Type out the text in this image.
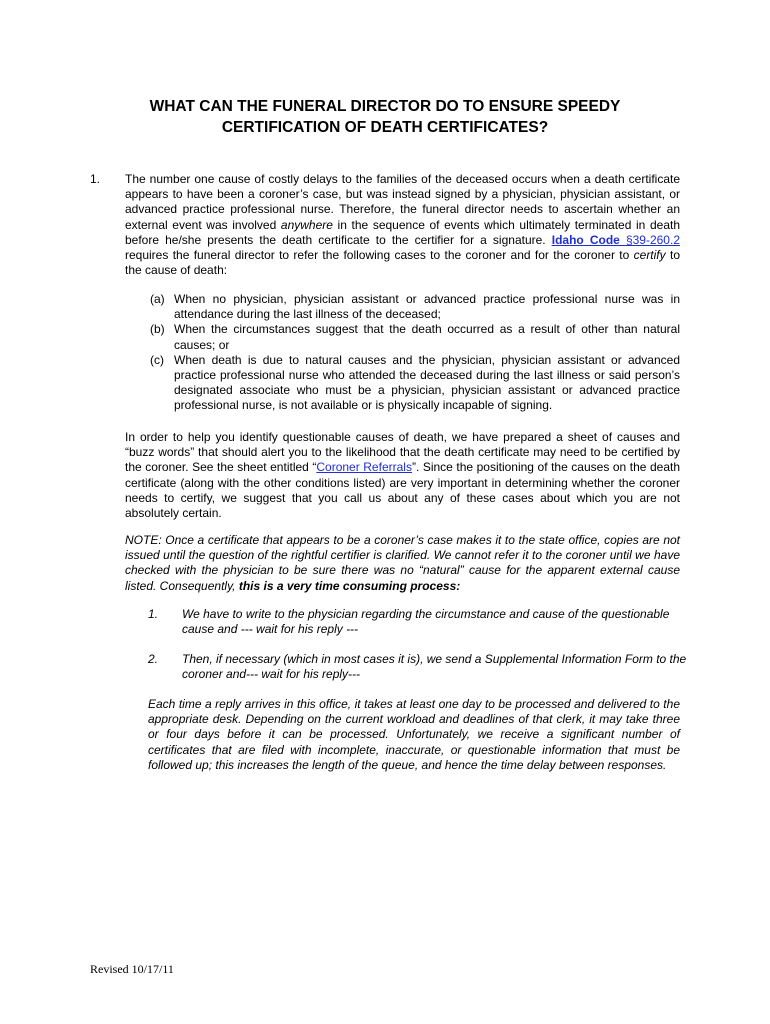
WHAT CAN THE FUNERAL DIRECTOR DO TO ENSURE SPEEDY
CERTIFICATION OF DEATH CERTIFICATES?
1. The number one cause of costly delays to the families of the deceased occurs when a death certificate appears to have been a coroner’s case, but was instead signed by a physician, physician assistant, or advanced practice professional nurse. Therefore, the funeral director needs to ascertain whether an external event was involved anywhere in the sequence of events which ultimately terminated in death before he/she presents the death certificate to the certifier for a signature. Idaho Code §39-260.2 requires the funeral director to refer the following cases to the coroner and for the coroner to certify to the cause of death:

(a) When no physician, physician assistant or advanced practice professional nurse was in attendance during the last illness of the deceased;
(b) When the circumstances suggest that the death occurred as a result of other than natural causes; or
(c) When death is due to natural causes and the physician, physician assistant or advanced practice professional nurse who attended the deceased during the last illness or said person’s designated associate who must be a physician, physician assistant or advanced practice professional nurse, is not available or is physically incapable of signing.

In order to help you identify questionable causes of death, we have prepared a sheet of causes and “buzz words” that should alert you to the likelihood that the death certificate may need to be certified by the coroner. See the sheet entitled “Coroner Referrals”. Since the positioning of the causes on the death certificate (along with the other conditions listed) are very important in determining whether the coroner needs to certify, we suggest that you call us about any of these cases about which you are not absolutely certain.

NOTE: Once a certificate that appears to be a coroner’s case makes it to the state office, copies are not issued until the question of the rightful certifier is clarified. We cannot refer it to the coroner until we have checked with the physician to be sure there was no “natural” cause for the apparent external cause listed. Consequently, this is a very time consuming process:

1. We have to write to the physician regarding the circumstance and cause of the questionable cause and --- wait for his reply ---
2. Then, if necessary (which in most cases it is), we send a Supplemental Information Form to the coroner and--- wait for his reply---

Each time a reply arrives in this office, it takes at least one day to be processed and delivered to the appropriate desk. Depending on the current workload and deadlines of that clerk, it may take three or four days before it can be processed. Unfortunately, we receive a significant number of certificates that are filed with incomplete, inaccurate, or questionable information that must be followed up; this increases the length of the queue, and hence the time delay between responses.

Revised 10/17/11
